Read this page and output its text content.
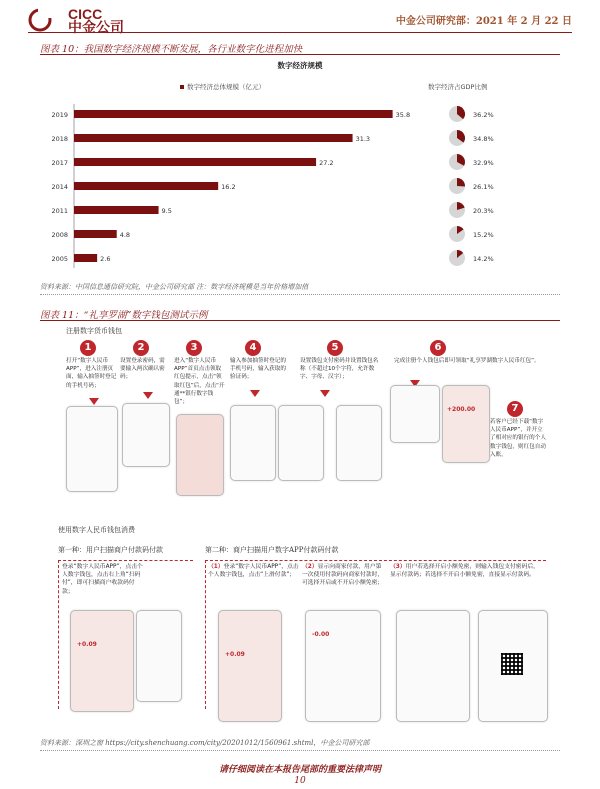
CICC
中金公司	中金公司研究部：2021 年 2 月 22 日
图表 10：我国数字经济规模不断发展，各行业数字化进程加快
数字经济规模
数字经济总体规模（亿元）	数字经济占GDP比例
2019	35.8	36.2%
2018	31.3	34.8%
2017	27.2	32.9%
2014	16.2	26.1%
2011	9.5	20.3%
2008	4.8	15.2%
2005	2.6	14.2%
资料来源：中国信息通信研究院，中金公司研究部 注：数字经济规模是当年价格增加值
图表 11：“礼享罗湖”数字钱包测试示例
注册数字货币钱包
1
打开“数字人民币APP”，进入注册页面，输入抽签时登记的手机号码；
2
设置登录密码，需要输入两次确认密码；
3
进入“数字人民币APP”首页点击领取红包提示，点击“领取红包”后，点击“开通**银行数字钱包”；
4
输入参加抽签时登记的手机号码，输入获取的验证码；
5
设置钱包支付密码并设置钱包名称（不超过10个字符，允许数字、字母、汉字）；
6
完成注册个人钱包后即可领取“礼享罗湖数字人民币红包”。
7
若客户已经下载“数字人民币APP”，并开立了相对应的银行的个人数字钱包，则红包自动入账。
+200.00
使用数字人民币钱包消费
第一种：用户扫描商户付款码付款	第二种：商户扫描用户数字APP付款码付款
登录“数字人民币APP”，点击个人数字钱包，点击右上角“扫码付”，即可扫描商户收款码付款；
（1）登录“数字人民币APP”，点击个人数字钱包，点击“上滑付款”；
（2）显示向商家付款，用户第一次使用付款码向商家付款时，可选择开启或不开启小额免密；
（3）用户若选择开启小额免密，则输入钱包支付密码后，显示付款码；若选择不开启小额免密，直接显示付款码。
+0.09
+0.09
-0.00
资料来源：深圳之窗 https://city.shenchuang.com/city/20201012/1560961.shtml，中金公司研究部
请仔细阅读在本报告尾部的重要法律声明
10
